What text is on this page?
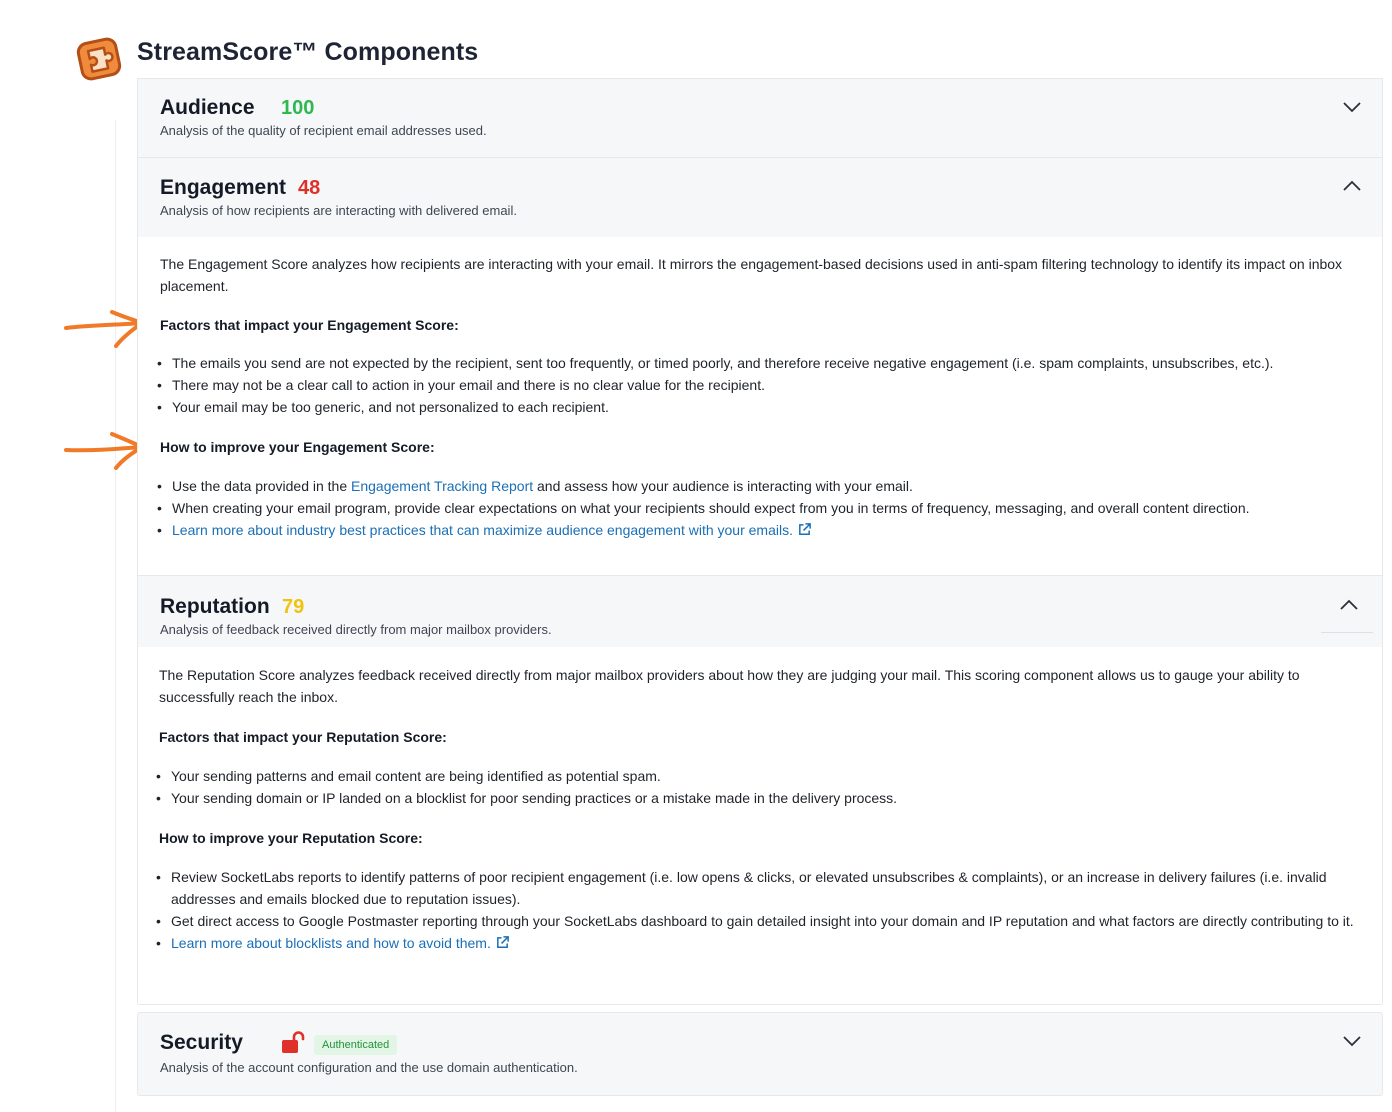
StreamScore™ Components
Audience 100
Analysis of the quality of recipient email addresses used.
Engagement 48
Analysis of how recipients are interacting with delivered email.

The Engagement Score analyzes how recipients are interacting with your email. It mirrors the engagement-based decisions used in anti-spam filtering technology to identify its impact on inbox placement.

Factors that impact your Engagement Score:

• The emails you send are not expected by the recipient, sent too frequently, or timed poorly, and therefore receive negative engagement (i.e. spam complaints, unsubscribes, etc.).
• There may not be a clear call to action in your email and there is no clear value for the recipient.
• Your email may be too generic, and not personalized to each recipient.

How to improve your Engagement Score:

• Use the data provided in the Engagement Tracking Report and assess how your audience is interacting with your email.
• When creating your email program, provide clear expectations on what your recipients should expect from you in terms of frequency, messaging, and overall content direction.
• Learn more about industry best practices that can maximize audience engagement with your emails.
Reputation 79
Analysis of feedback received directly from major mailbox providers.

The Reputation Score analyzes feedback received directly from major mailbox providers about how they are judging your mail. This scoring component allows us to gauge your ability to successfully reach the inbox.

Factors that impact your Reputation Score:

• Your sending patterns and email content are being identified as potential spam.
• Your sending domain or IP landed on a blocklist for poor sending practices or a mistake made in the delivery process.

How to improve your Reputation Score:

• Review SocketLabs reports to identify patterns of poor recipient engagement (i.e. low opens & clicks, or elevated unsubscribes & complaints), or an increase in delivery failures (i.e. invalid addresses and emails blocked due to reputation issues).
• Get direct access to Google Postmaster reporting through your SocketLabs dashboard to gain detailed insight into your domain and IP reputation and what factors are directly contributing to it.
• Learn more about blocklists and how to avoid them.
Security	Authenticated
Analysis of the account configuration and the use domain authentication.
